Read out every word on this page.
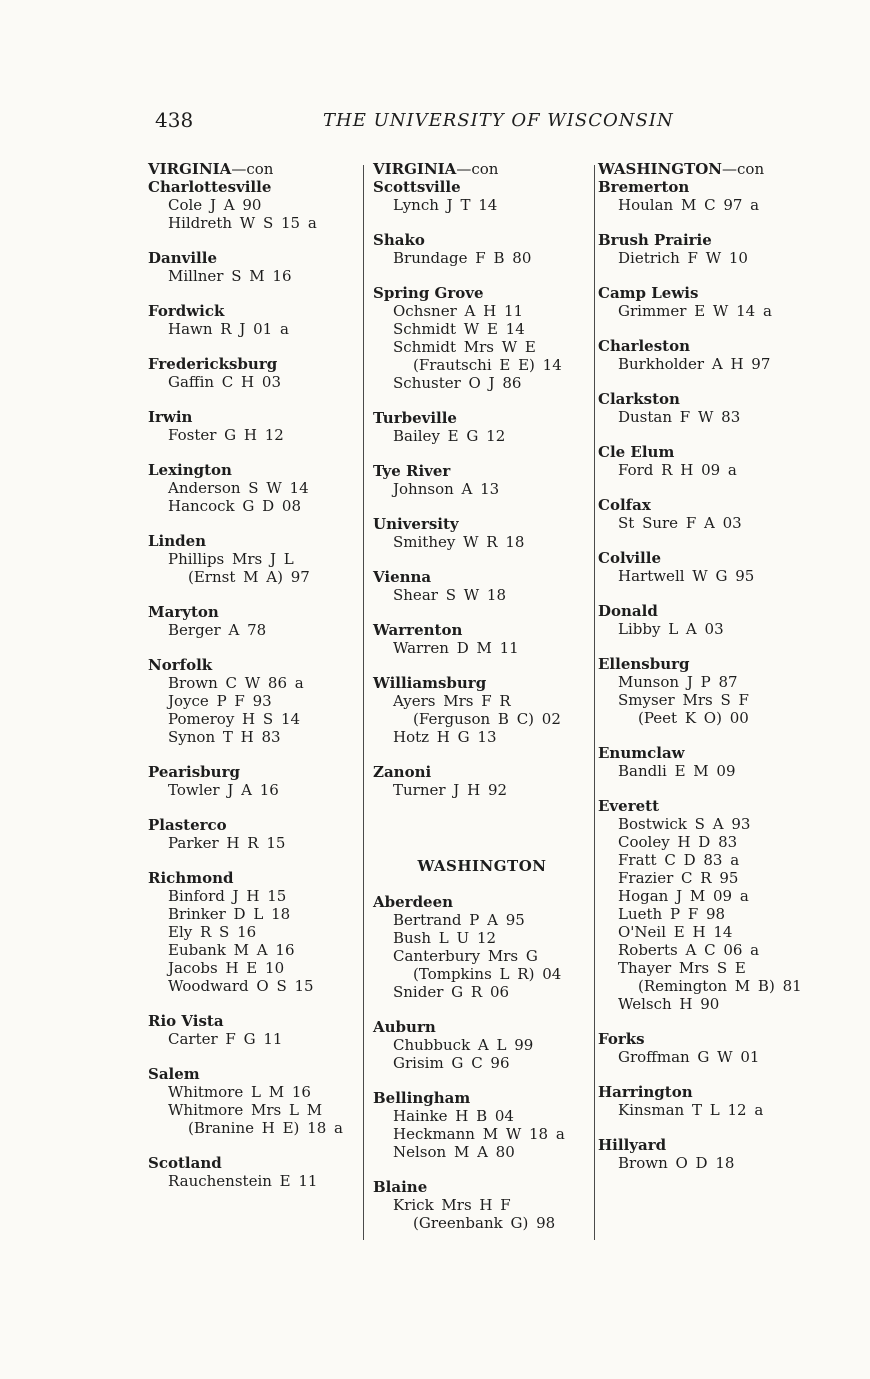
438	THE UNIVERSITY OF WISCONSIN
VIRGINIA—con
Charlottesville
Cole J A 90
Hildreth W S 15 a
Danville
Millner S M 16
Fordwick
Hawn R J 01 a
Fredericksburg
Gaffin C H 03
Irwin
Foster G H 12
Lexington
Anderson S W 14
Hancock G D 08
Linden
Phillips Mrs J L
(Ernst M A) 97
Maryton
Berger A 78
Norfolk
Brown C W 86 a
Joyce P F 93
Pomeroy H S 14
Synon T H 83
Pearisburg
Towler J A 16
Plasterco
Parker H R 15
Richmond
Binford J H 15
Brinker D L 18
Ely R S 16
Eubank M A 16
Jacobs H E 10
Woodward O S 15
Rio Vista
Carter F G 11
Salem
Whitmore L M 16
Whitmore Mrs L M
(Branine H E) 18 a
Scotland
Rauchenstein E 11
VIRGINIA—con
Scottsville
Lynch J T 14
Shako
Brundage F B 80
Spring Grove
Ochsner A H 11
Schmidt W E 14
Schmidt Mrs W E
(Frautschi E E) 14
Schuster O J 86
Turbeville
Bailey E G 12
Tye River
Johnson A 13
University
Smithey W R 18
Vienna
Shear S W 18
Warrenton
Warren D M 11
Williamsburg
Ayers Mrs F R
(Ferguson B C) 02
Hotz H G 13
Zanoni
Turner J H 92
WASHINGTON
Aberdeen
Bertrand P A 95
Bush L U 12
Canterbury Mrs G
(Tompkins L R) 04
Snider G R 06
Auburn
Chubbuck A L 99
Grisim G C 96
Bellingham
Hainke H B 04
Heckmann M W 18 a
Nelson M A 80
Blaine
Krick Mrs H F
(Greenbank G) 98
WASHINGTON—con
Bremerton
Houlan M C 97 a
Brush Prairie
Dietrich F W 10
Camp Lewis
Grimmer E W 14 a
Charleston
Burkholder A H 97
Clarkston
Dustan F W 83
Cle Elum
Ford R H 09 a
Colfax
St Sure F A 03
Colville
Hartwell W G 95
Donald
Libby L A 03
Ellensburg
Munson J P 87
Smyser Mrs S F
(Peet K O) 00
Enumclaw
Bandli E M 09
Everett
Bostwick S A 93
Cooley H D 83
Fratt C D 83 a
Frazier C R 95
Hogan J M 09 a
Lueth P F 98
O'Neil E H 14
Roberts A C 06 a
Thayer Mrs S E
(Remington M B) 81
Welsch H 90
Forks
Groffman G W 01
Harrington
Kinsman T L 12 a
Hillyard
Brown O D 18
